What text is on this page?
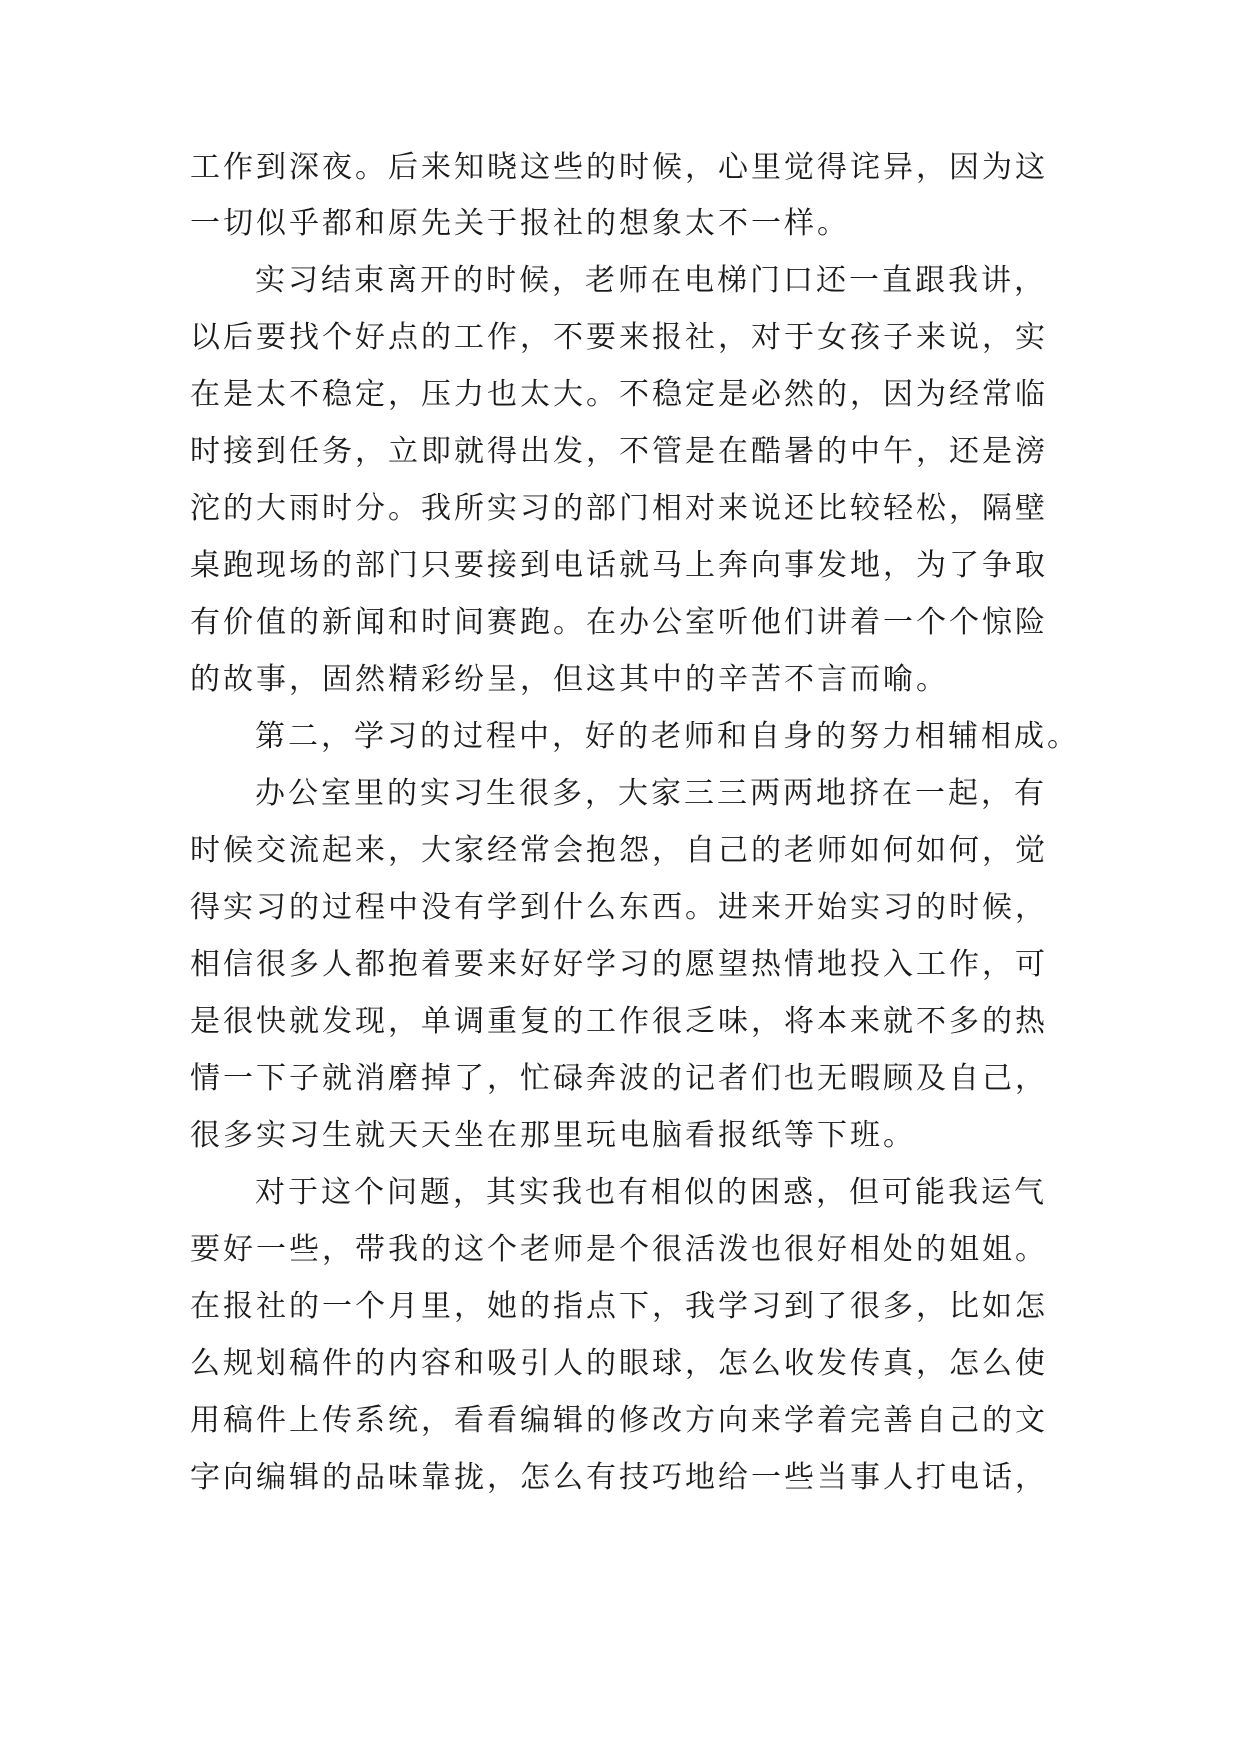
工作到深夜。后来知晓这些的时候，心里觉得诧异，因为这
一切似乎都和原先关于报社的想象太不一样。
实习结束离开的时候，老师在电梯门口还一直跟我讲，
以后要找个好点的工作，不要来报社，对于女孩子来说，实
在是太不稳定，压力也太大。不稳定是必然的，因为经常临
时接到任务，立即就得出发，不管是在酷暑的中午，还是滂
沱的大雨时分。我所实习的部门相对来说还比较轻松，隔壁
桌跑现场的部门只要接到电话就马上奔向事发地，为了争取
有价值的新闻和时间赛跑。在办公室听他们讲着一个个惊险
的故事，固然精彩纷呈，但这其中的辛苦不言而喻。
第二，学习的过程中，好的老师和自身的努力相辅相成。
办公室里的实习生很多，大家三三两两地挤在一起，有
时候交流起来，大家经常会抱怨，自己的老师如何如何，觉
得实习的过程中没有学到什么东西。进来开始实习的时候，
相信很多人都抱着要来好好学习的愿望热情地投入工作，可
是很快就发现，单调重复的工作很乏味，将本来就不多的热
情一下子就消磨掉了，忙碌奔波的记者们也无暇顾及自己，
很多实习生就天天坐在那里玩电脑看报纸等下班。
对于这个问题，其实我也有相似的困惑，但可能我运气
要好一些，带我的这个老师是个很活泼也很好相处的姐姐。
在报社的一个月里，她的指点下，我学习到了很多，比如怎
么规划稿件的内容和吸引人的眼球，怎么收发传真，怎么使
用稿件上传系统，看看编辑的修改方向来学着完善自己的文
字向编辑的品味靠拢，怎么有技巧地给一些当事人打电话，
